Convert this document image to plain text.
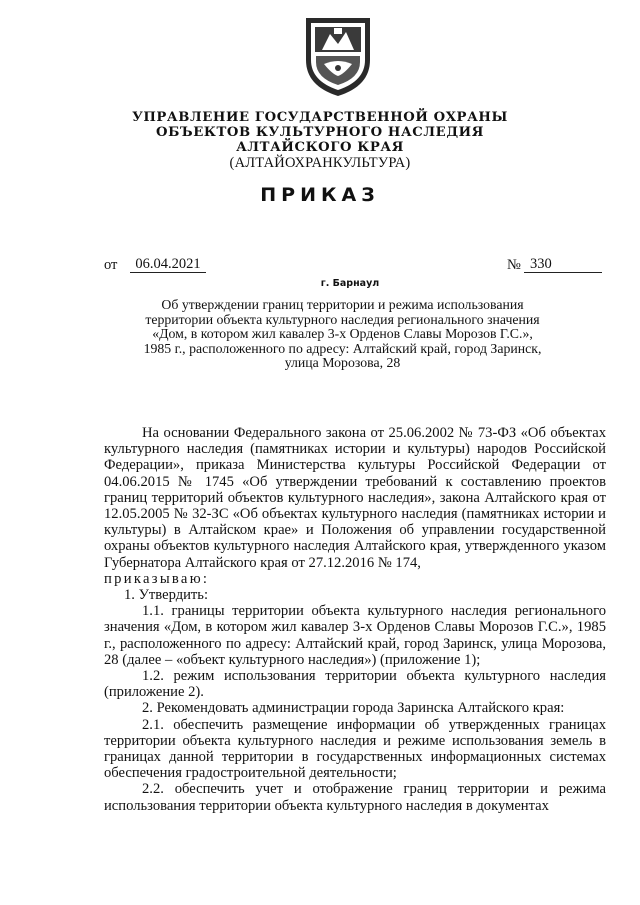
УПРАВЛЕНИЕ ГОСУДАРСТВЕННОЙ ОХРАНЫ
ОБЪЕКТОВ КУЛЬТУРНОГО НАСЛЕДИЯ
АЛТАЙСКОГО КРАЯ
(АЛТАЙОХРАНКУЛЬТУРА)
ПРИКАЗ
от	06.04.2021	№ 330
г. Барнаул
Об утверждении границ территории и режима использования территории объекта культурного наследия регионального значения «Дом, в котором жил кавалер 3-х Орденов Славы Морозов Г.С.», 1985 г., расположенного по адресу: Алтайский край, город Заринск, улица Морозова, 28

На основании Федерального закона от 25.06.2002 № 73-ФЗ «Об объектах культурного наследия (памятниках истории и культуры) народов Российской Федерации», приказа Министерства культуры Российской Федерации от 04.06.2015 № 1745 «Об утверждении требований к составлению проектов границ территорий объектов культурного наследия», закона Алтайского края от 12.05.2005 № 32-ЗС «Об объектах культурного наследия (памятниках истории и культуры) в Алтайском крае» и Положения об управлении государственной охраны объектов культурного наследия Алтайского края, утвержденного указом Губернатора Алтайского края от 27.12.2016 № 174,

приказываю:

1. Утвердить:

1.1. границы территории объекта культурного наследия регионального значения «Дом, в котором жил кавалер 3-х Орденов Славы Морозов Г.С.», 1985 г., расположенного по адресу: Алтайский край, город Заринск, улица Морозова, 28 (далее – «объект культурного наследия») (приложение 1);

1.2. режим использования территории объекта культурного наследия (приложение 2).

2. Рекомендовать администрации города Заринска Алтайского края:

2.1. обеспечить размещение информации об утвержденных границах территории объекта культурного наследия и режиме использования земель в границах данной территории в государственных информационных системах обеспечения градостроительной деятельности;

2.2. обеспечить учет и отображение границ территории и режима использования территории объекта культурного наследия в документах
